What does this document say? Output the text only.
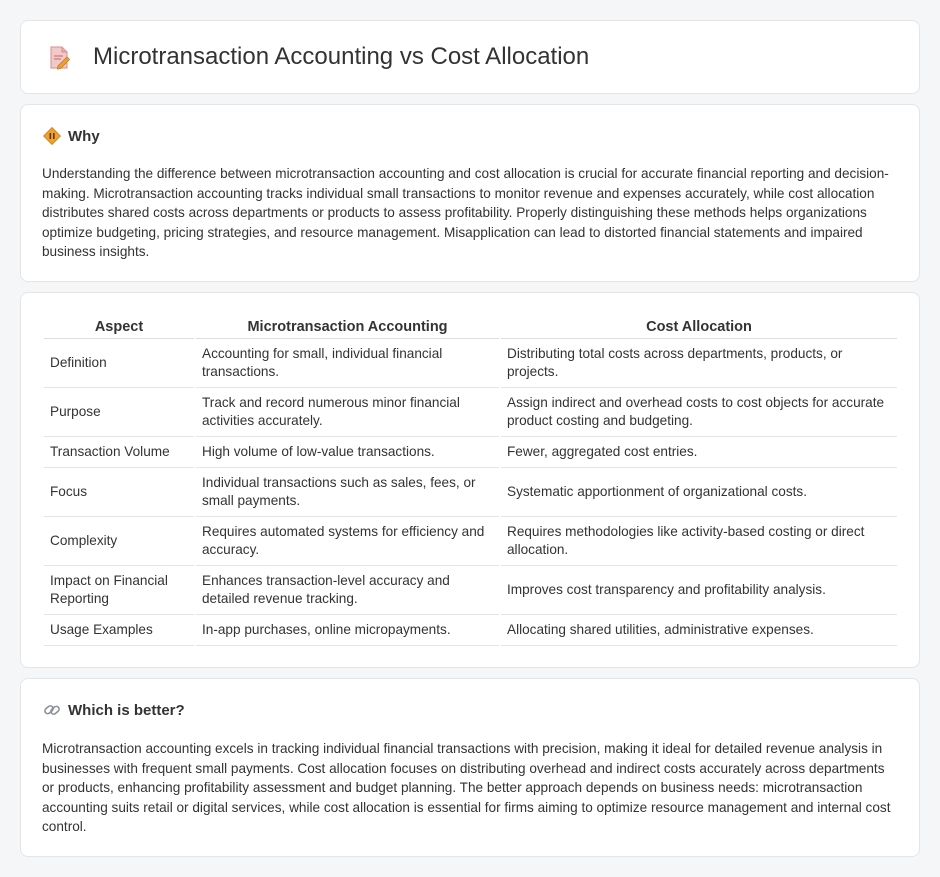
Microtransaction Accounting vs Cost Allocation
Why

Understanding the difference between microtransaction accounting and cost allocation is crucial for accurate financial reporting and decision-making. Microtransaction accounting tracks individual small transactions to monitor revenue and expenses accurately, while cost allocation distributes shared costs across departments or products to assess profitability. Properly distinguishing these methods helps organizations optimize budgeting, pricing strategies, and resource management. Misapplication can lead to distorted financial statements and impaired business insights.

Aspect	Microtransaction Accounting	Cost Allocation
Definition	Accounting for small, individual financial transactions.	Distributing total costs across departments, products, or projects.
Purpose	Track and record numerous minor financial activities accurately.	Assign indirect and overhead costs to cost objects for accurate product costing and budgeting.
Transaction Volume	High volume of low-value transactions.	Fewer, aggregated cost entries.
Focus	Individual transactions such as sales, fees, or small payments.	Systematic apportionment of organizational costs.
Complexity	Requires automated systems for efficiency and accuracy.	Requires methodologies like activity-based costing or direct allocation.
Impact on Financial Reporting	Enhances transaction-level accuracy and detailed revenue tracking.	Improves cost transparency and profitability analysis.
Usage Examples	In-app purchases, online micropayments.	Allocating shared utilities, administrative expenses.
Which is better?

Microtransaction accounting excels in tracking individual financial transactions with precision, making it ideal for detailed revenue analysis in businesses with frequent small payments. Cost allocation focuses on distributing overhead and indirect costs accurately across departments or products, enhancing profitability assessment and budget planning. The better approach depends on business needs: microtransaction accounting suits retail or digital services, while cost allocation is essential for firms aiming to optimize resource management and internal cost control.
